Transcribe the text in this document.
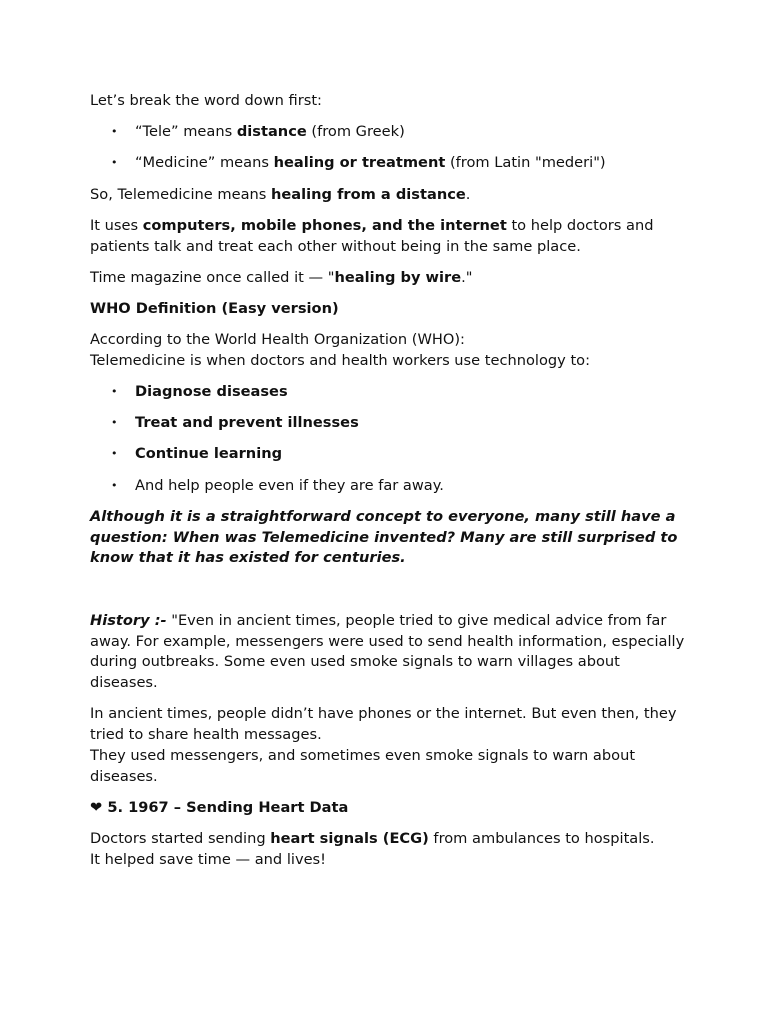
Let’s break the word down first:

• “Tele” means distance (from Greek)
• “Medicine” means healing or treatment (from Latin "mederi")

So, Telemedicine means healing from a distance.

It uses computers, mobile phones, and the internet to help doctors and patients talk and treat each other without being in the same place.

Time magazine once called it — "healing by wire."

WHO Definition (Easy version)

According to the World Health Organization (WHO):
Telemedicine is when doctors and health workers use technology to:

• Diagnose diseases
• Treat and prevent illnesses
• Continue learning
• And help people even if they are far away.

Although it is a straightforward concept to everyone, many still have a question: When was Telemedicine invented? Many are still surprised to know that it has existed for centuries.

History :- "Even in ancient times, people tried to give medical advice from far away. For example, messengers were used to send health information, especially during outbreaks. Some even used smoke signals to warn villages about diseases.

In ancient times, people didn’t have phones or the internet. But even then, they tried to share health messages.
They used messengers, and sometimes even smoke signals to warn about diseases.

❤ 5. 1967 – Sending Heart Data

Doctors started sending heart signals (ECG) from ambulances to hospitals.
It helped save time — and lives!
